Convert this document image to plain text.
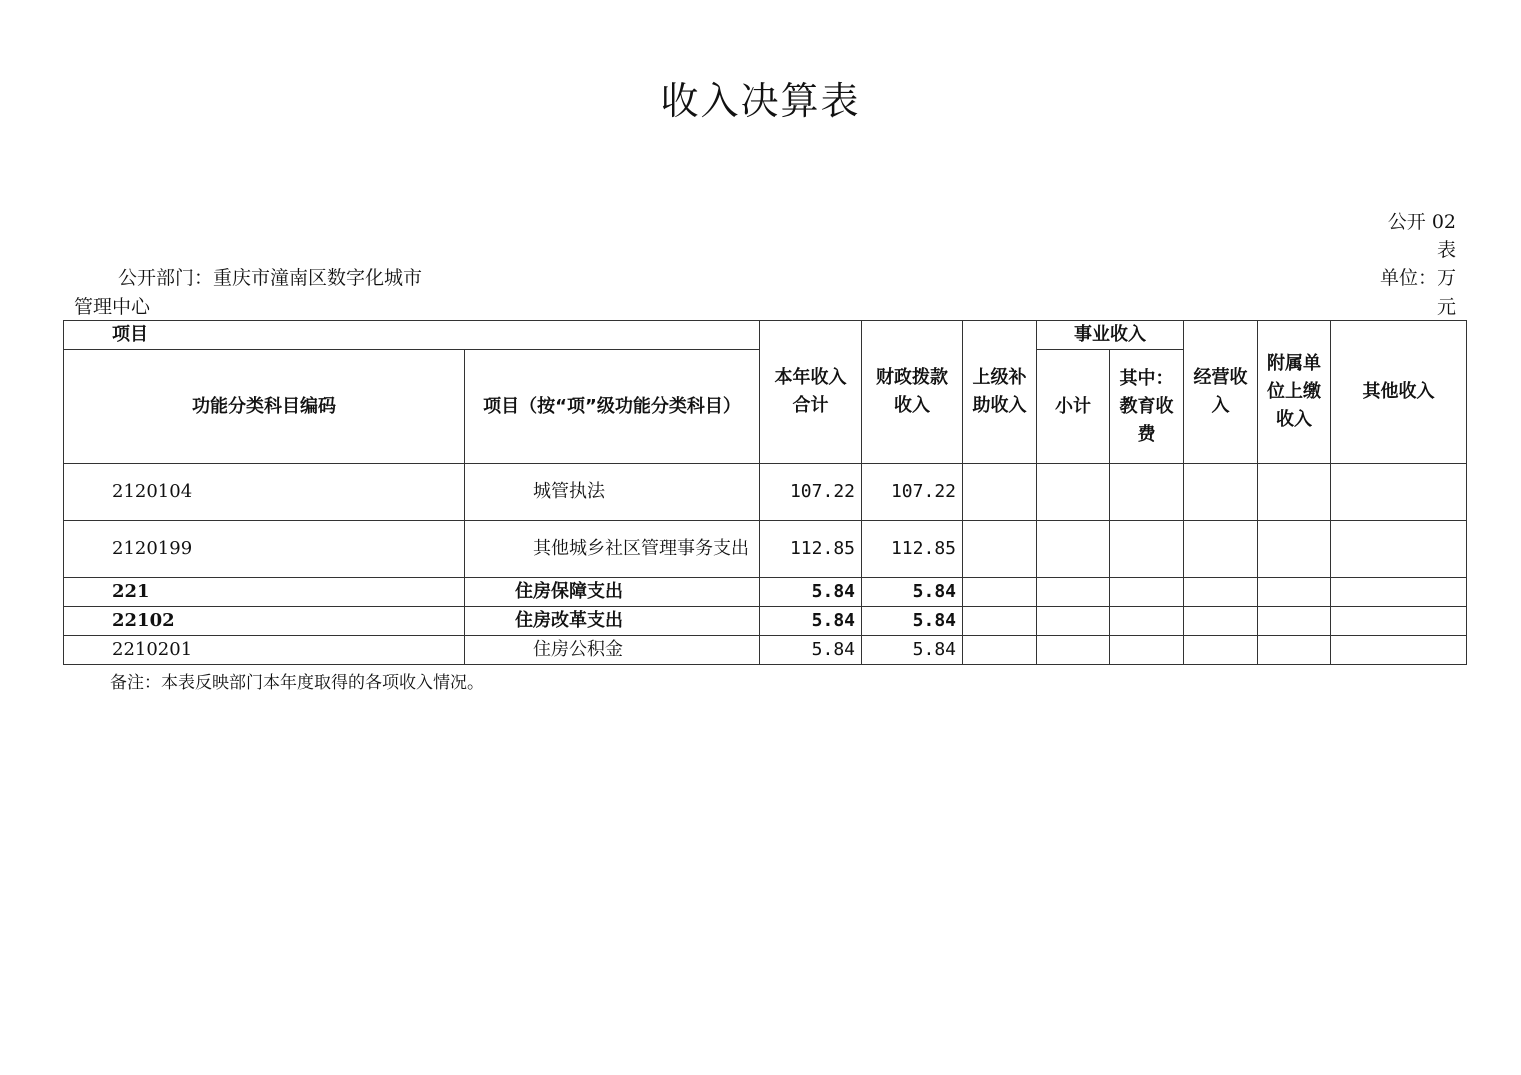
收入决算表
公开 02 表
公开部门：重庆市潼南区数字化城市管理中心
单位：万元
项目		本年收入合计	财政拨款收入	上级补助收入	事业收入		经营收入	附属单位上缴收入	其他收入
功能分类科目编码	项目（按“项”级功能分类科目）				小计	其中：教育收费			
2120104	城管执法	107.22	107.22						
2120199	其他城乡社区管理事务支出	112.85	112.85						
221	住房保障支出	5.84	5.84						
22102	住房改革支出	5.84	5.84						
2210201	住房公积金	5.84	5.84						
备注：本表反映部门本年度取得的各项收入情况。
